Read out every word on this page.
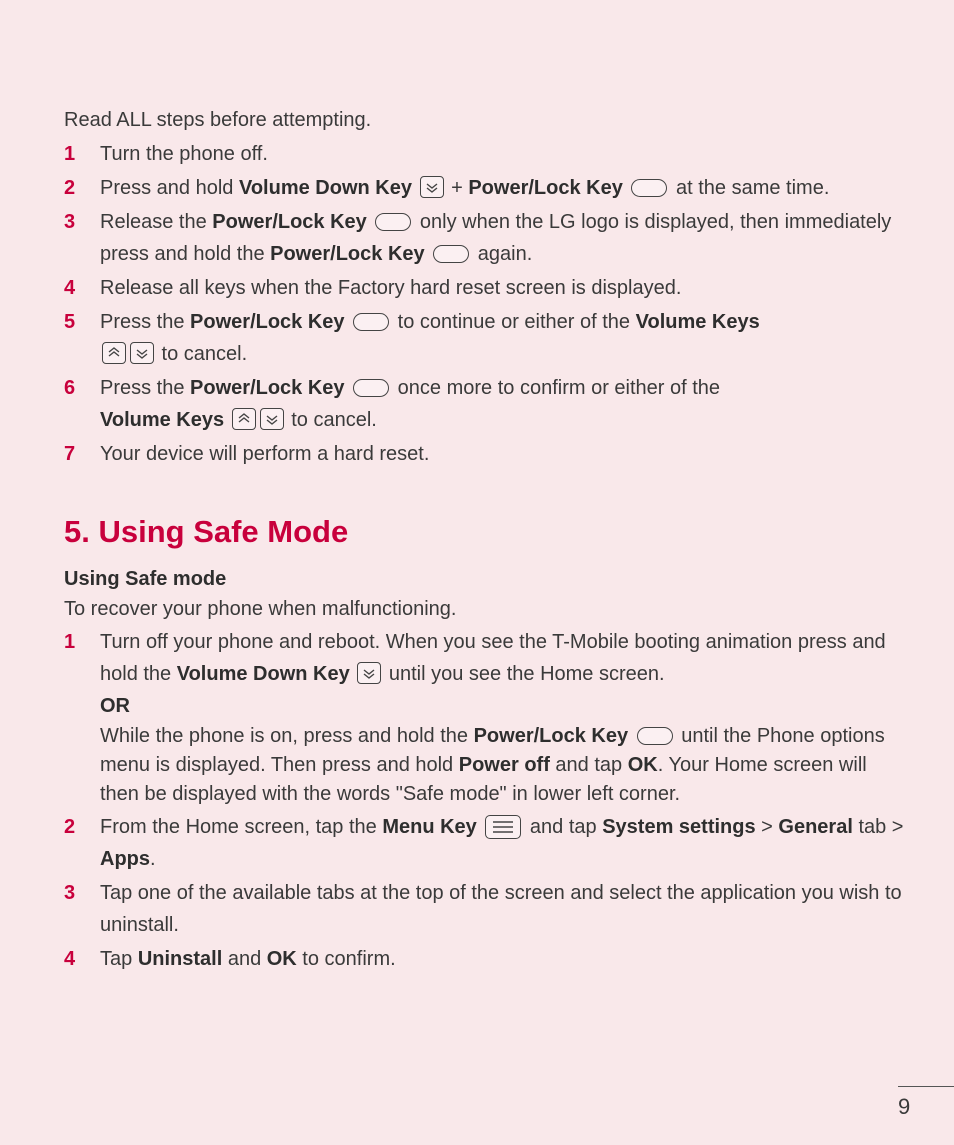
Read ALL steps before attempting.

1 Turn the phone off.
2 Press and hold Volume Down Key
+ Power/Lock Key  at the same time.
3 Release the Power/Lock Key  only when the LG logo is displayed, then immediately press and hold the Power/Lock Key  again.
4 Release all keys when the Factory hard reset screen is displayed.
5 Press the Power/Lock Key  to continue or either of the Volume Keys

to cancel.
6 Press the Power/Lock Key  once more to confirm or either of the
Volume Keys	to cancel.
7 Your device will perform a hard reset.
5. Using Safe Mode

Using Safe mode

To recover your phone when malfunctioning.

1 Turn off your phone and reboot. When you see the T-Mobile booting animation press and hold the Volume Down Key
until you see the Home screen.
OR
While the phone is on, press and hold the Power/Lock Key  until the Phone options menu is displayed. Then press and hold Power off and tap OK. Your Home screen will then be displayed with the words "Safe mode" in lower left corner.
2 From the Home screen, tap the Menu Key
and tap System settings > General tab > Apps.
3 Tap one of the available tabs at the top of the screen and select the application you wish to uninstall.
4 Tap Uninstall and OK to confirm.
9
